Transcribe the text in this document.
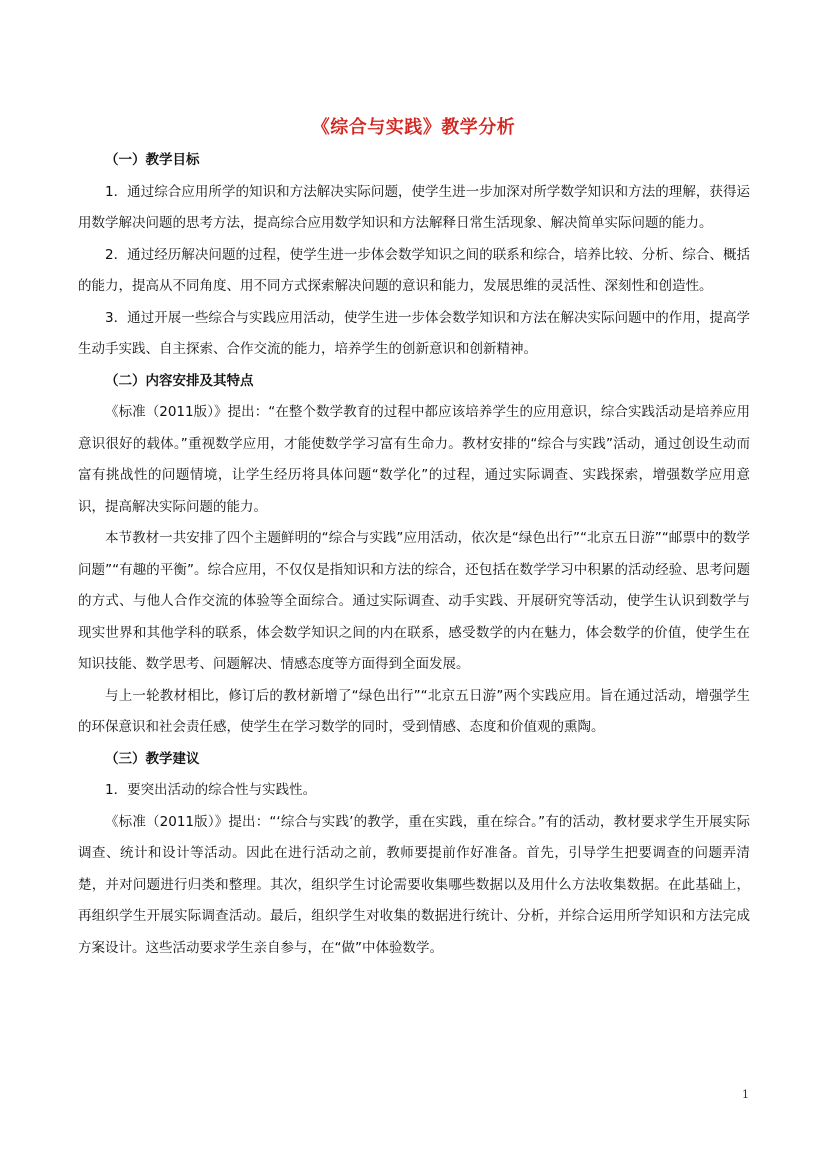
《综合与实践》教学分析

（一）教学目标

1．通过综合应用所学的知识和方法解决实际问题，使学生进一步加深对所学数学知识和方法的理解，获得运用数学解决问题的思考方法，提高综合应用数学知识和方法解释日常生活现象、解决简单实际问题的能力。

2．通过经历解决问题的过程，使学生进一步体会数学知识之间的联系和综合，培养比较、分析、综合、概括的能力，提高从不同角度、用不同方式探索解决问题的意识和能力，发展思维的灵活性、深刻性和创造性。

3．通过开展一些综合与实践应用活动，使学生进一步体会数学知识和方法在解决实际问题中的作用，提高学生动手实践、自主探索、合作交流的能力，培养学生的创新意识和创新精神。

（二）内容安排及其特点

《标准（2011版）》提出：“在整个数学教育的过程中都应该培养学生的应用意识，综合实践活动是培养应用意识很好的载体。”重视数学应用，才能使数学学习富有生命力。教材安排的“综合与实践”活动，通过创设生动而富有挑战性的问题情境，让学生经历将具体问题“数学化”的过程，通过实际调查、实践探索，增强数学应用意识，提高解决实际问题的能力。

本节教材一共安排了四个主题鲜明的“综合与实践”应用活动，依次是“绿色出行”“北京五日游”“邮票中的数学问题”“有趣的平衡”。综合应用，不仅仅是指知识和方法的综合，还包括在数学学习中积累的活动经验、思考问题的方式、与他人合作交流的体验等全面综合。通过实际调查、动手实践、开展研究等活动，使学生认识到数学与现实世界和其他学科的联系，体会数学知识之间的内在联系，感受数学的内在魅力，体会数学的价值，使学生在知识技能、数学思考、问题解决、情感态度等方面得到全面发展。

与上一轮教材相比，修订后的教材新增了“绿色出行”“北京五日游”两个实践应用。旨在通过活动，增强学生的环保意识和社会责任感，使学生在学习数学的同时，受到情感、态度和价值观的熏陶。

（三）教学建议

1．要突出活动的综合性与实践性。

《标准（2011版）》提出：“‘综合与实践’的教学，重在实践，重在综合。”有的活动，教材要求学生开展实际调查、统计和设计等活动。因此在进行活动之前，教师要提前作好准备。首先，引导学生把要调查的问题弄清楚，并对问题进行归类和整理。其次，组织学生讨论需要收集哪些数据以及用什么方法收集数据。在此基础上，再组织学生开展实际调查活动。最后，组织学生对收集的数据进行统计、分析，并综合运用所学知识和方法完成方案设计。这些活动要求学生亲自参与，在“做”中体验数学。

1
